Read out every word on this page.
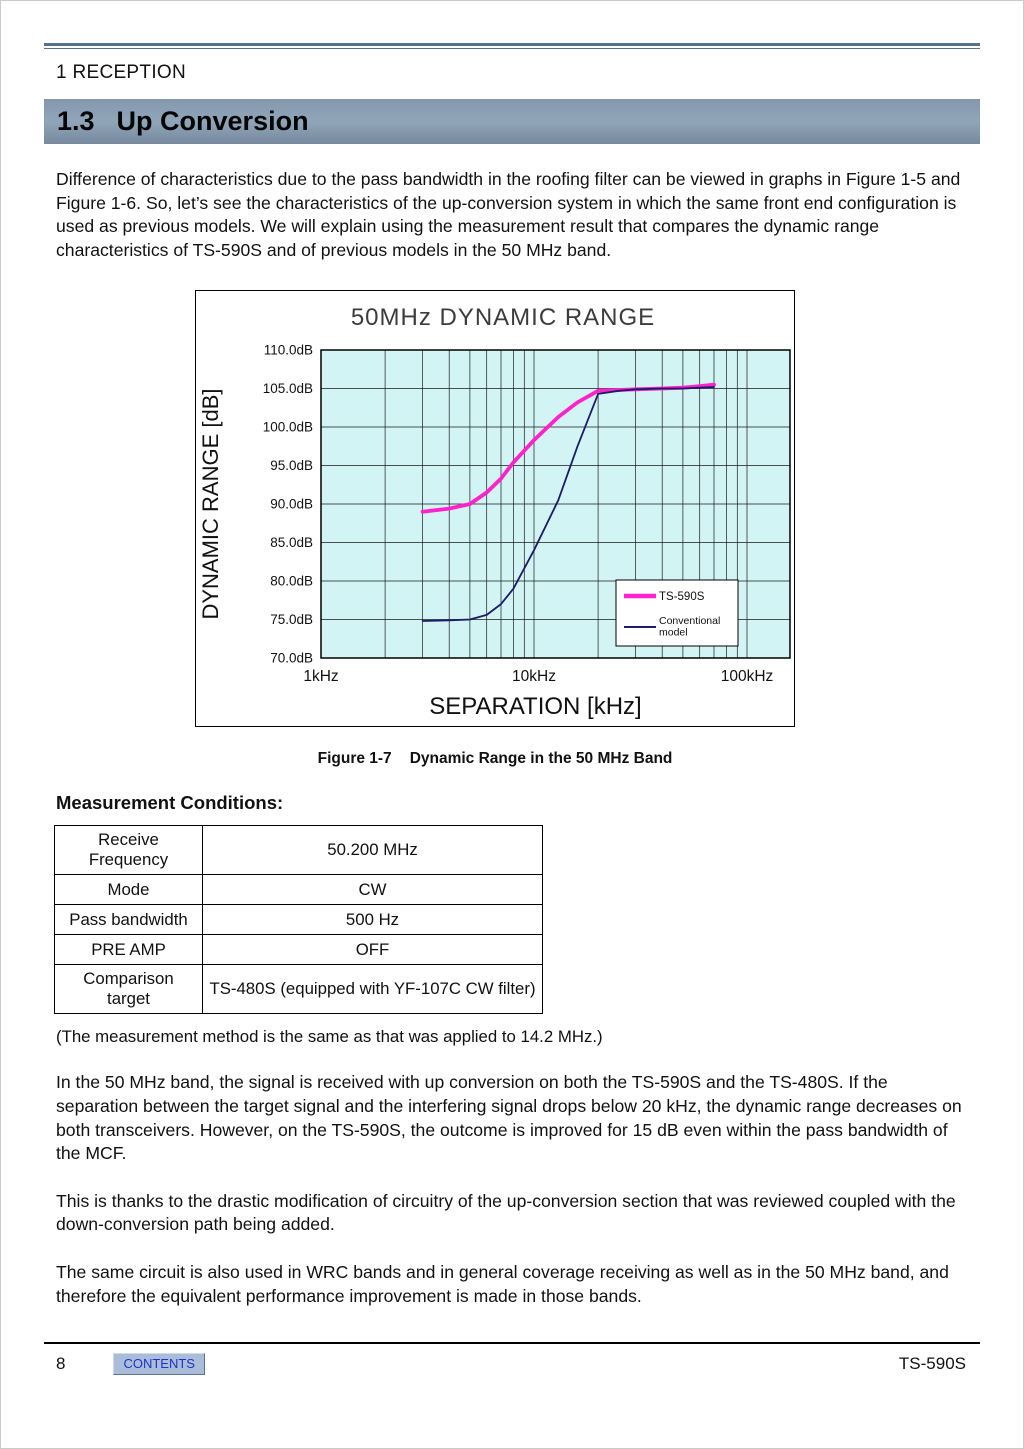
1 RECEPTION
1.3 Up Conversion

Difference of characteristics due to the pass bandwidth in the roofing filter can be viewed in graphs in Figure 1-5 and Figure 1-6. So, let’s see the characteristics of the up-conversion system in which the same front end configuration is used as previous models. We will explain using the measurement result that compares the dynamic range characteristics of TS-590S and of previous models in the 50 MHz band.

110.0dB
105.0dB
100.0dB
95.0dB
90.0dB
85.0dB
80.0dB
75.0dB
70.0dB
1kHz	10kHz	100kHz
TS-590S
Conventional
model
50MHz DYNAMIC RANGE
SEPARATION [kHz]
DYNAMIC RANGE [dB]
Figure 1-7 Dynamic Range in the 50 MHz Band
Measurement Conditions:
Receive Frequency	50.200 MHz
Mode	CW
Pass bandwidth	500 Hz
PRE AMP	OFF
Comparison target	TS-480S (equipped with YF-107C CW filter)
(The measurement method is the same as that was applied to 14.2 MHz.)

In the 50 MHz band, the signal is received with up conversion on both the TS-590S and the TS-480S. If the separation between the target signal and the interfering signal drops below 20 kHz, the dynamic range decreases on both transceivers. However, on the TS-590S, the outcome is improved for 15 dB even within the pass bandwidth of the MCF.

This is thanks to the drastic modification of circuitry of the up-conversion section that was reviewed coupled with the down-conversion path being added.

The same circuit is also used in WRC bands and in general coverage receiving as well as in the 50 MHz band, and therefore the equivalent performance improvement is made in those bands.

8	CONTENTS	TS-590S
